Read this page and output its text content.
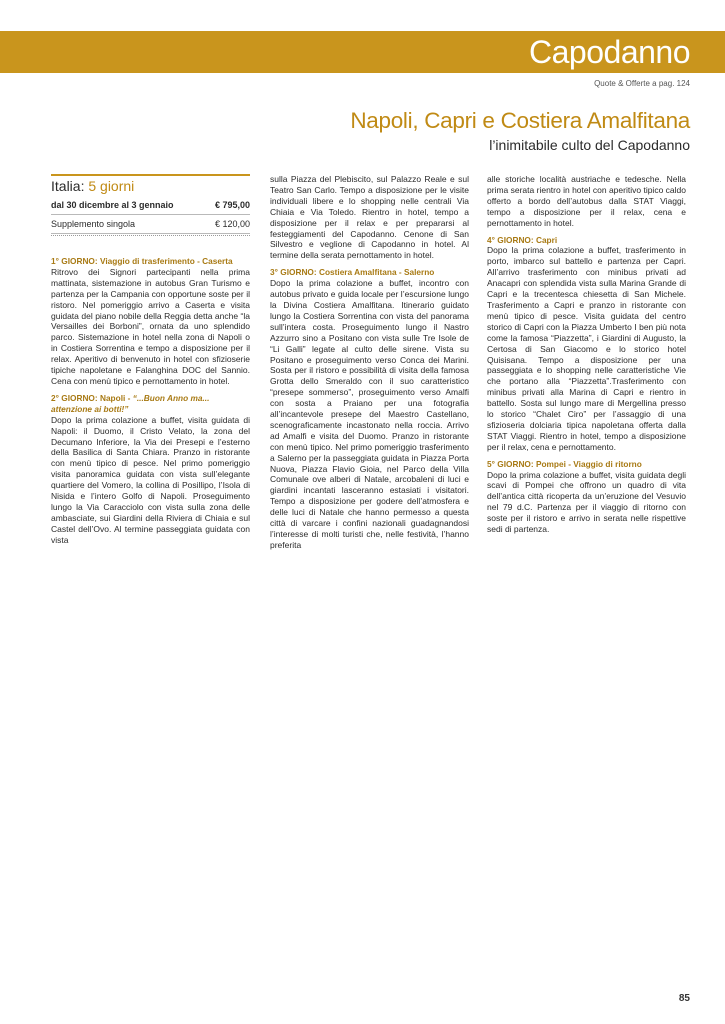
Capodanno
Quote & Offerte a pag. 124
Napoli, Capri e Costiera Amalfitana
l’inimitabile culto del Capodanno
Italia: 5 giorni
dal 30 dicembre al 3 gennaio	€ 795,00
Supplemento singola	€ 120,00
1° GIORNO: Viaggio di trasferimento - Caserta
Ritrovo dei Signori partecipanti nella prima mattinata, sistemazione in autobus Gran Turismo e partenza per la Campania con opportune soste per il ristoro. Nel pomeriggio arrivo a Caserta e visita guidata del piano nobile della Reggia detta anche “la Versailles dei Borboni”, ornata da uno splendido parco. Sistemazione in hotel nella zona di Napoli o in Costiera Sorrentina e tempo a disposizione per il relax. Aperitivo di benvenuto in hotel con sfizioserie tipiche napoletane e Falanghina DOC del Sannio. Cena con menù tipico e pernottamento in hotel.
2° GIORNO: Napoli - “...Buon Anno ma... attenzione ai botti!”
Dopo la prima colazione a buffet, visita guidata di Napoli: il Duomo, il Cristo Velato, la zona del Decumano Inferiore, la Via dei Presepi e l’esterno della Basilica di Santa Chiara. Pranzo in ristorante con menù tipico di pesce. Nel primo pomeriggio visita panoramica guidata con vista sull’elegante quartiere del Vomero, la collina di Posillipo, l’Isola di Nisida e l’intero Golfo di Napoli. Proseguimento lungo la Via Caracciolo con vista sulla zona delle ambasciate, sui Giardini della Riviera di Chiaia e sul Castel dell’Ovo. Al termine passeggiata guidata con vista
sulla Piazza del Plebiscito, sul Palazzo Reale e sul Teatro San Carlo. Tempo a disposizione per le visite individuali libere e lo shopping nelle centrali Via Chiaia e Via Toledo. Rientro in hotel, tempo a disposizione per il relax e per prepararsi al festeggiamenti del Capodanno. Cenone di San Silvestro e veglione di Capodanno in hotel. Al termine della serata pernottamento in hotel.
3° GIORNO: Costiera Amalfitana - Salerno
Dopo la prima colazione a buffet, incontro con autobus privato e guida locale per l’escursione lungo la Divina Costiera Amalfitana. Itinerario guidato lungo la Costiera Sorrentina con vista del panorama sull’intera costa. Proseguimento lungo il Nastro Azzurro sino a Positano con vista sulle Tre Isole de “Li Galli” legate al culto delle sirene. Vista su Positano e proseguimento verso Conca dei Marini. Sosta per il ristoro e possibilità di visita della famosa Grotta dello Smeraldo con il suo caratteristico “presepe sommerso”, proseguimento verso Amalfi con sosta a Praiano per una fotografia all’incantevole presepe del Maestro Castellano, scenograficamente incastonato nella roccia. Arrivo ad Amalfi e visita del Duomo. Pranzo in ristorante con menù tipico. Nel primo pomeriggio trasferimento a Salerno per la passeggiata guidata in Piazza Porta Nuova, Piazza Flavio Gioia, nel Parco della Villa Comunale ove alberi di Natale, arcobaleni di luci e giardini incantati lasceranno estasiati i visitatori. Tempo a disposizione per godere dell’atmosfera e delle luci di Natale che hanno permesso a questa città di varcare i confini nazionali guadagnandosi l’interesse di molti turisti che, nelle festività, l’hanno preferita
alle storiche località austriache e tedesche. Nella prima serata rientro in hotel con aperitivo tipico caldo offerto a bordo dell’autobus dalla STAT Viaggi, tempo a disposizione per il relax, cena e pernottamento in hotel.
4° GIORNO: Capri
Dopo la prima colazione a buffet, trasferimento in porto, imbarco sul battello e partenza per Capri. All’arrivo trasferimento con minibus privati ad Anacapri con splendida vista sulla Marina Grande di Capri e la trecentesca chiesetta di San Michele. Trasferimento a Capri e pranzo in ristorante con menù tipico di pesce. Visita guidata del centro storico di Capri con la Piazza Umberto I ben più nota come la famosa “Piazzetta”, i Giardini di Augusto, la Certosa di San Giacomo e lo storico hotel Quisisana. Tempo a disposizione per una passeggiata e lo shopping nelle caratteristiche Vie che portano alla “Piazzetta”.Trasferimento con minibus privati alla Marina di Capri e rientro in battello. Sosta sul lungo mare di Mergellina presso lo storico “Chalet Ciro” per l’assaggio di una sfizioseria dolciaria tipica napoletana offerta dalla STAT Viaggi. Rientro in hotel, tempo a disposizione per il relax, cena e pernottamento.
5° GIORNO: Pompei - Viaggio di ritorno
Dopo la prima colazione a buffet, visita guidata degli scavi di Pompei che offrono un quadro di vita dell’antica città ricoperta da un’eruzione del Vesuvio nel 79 d.C. Partenza per il viaggio di ritorno con soste per il ristoro e arrivo in serata nelle rispettive sedi di partenza.
85
